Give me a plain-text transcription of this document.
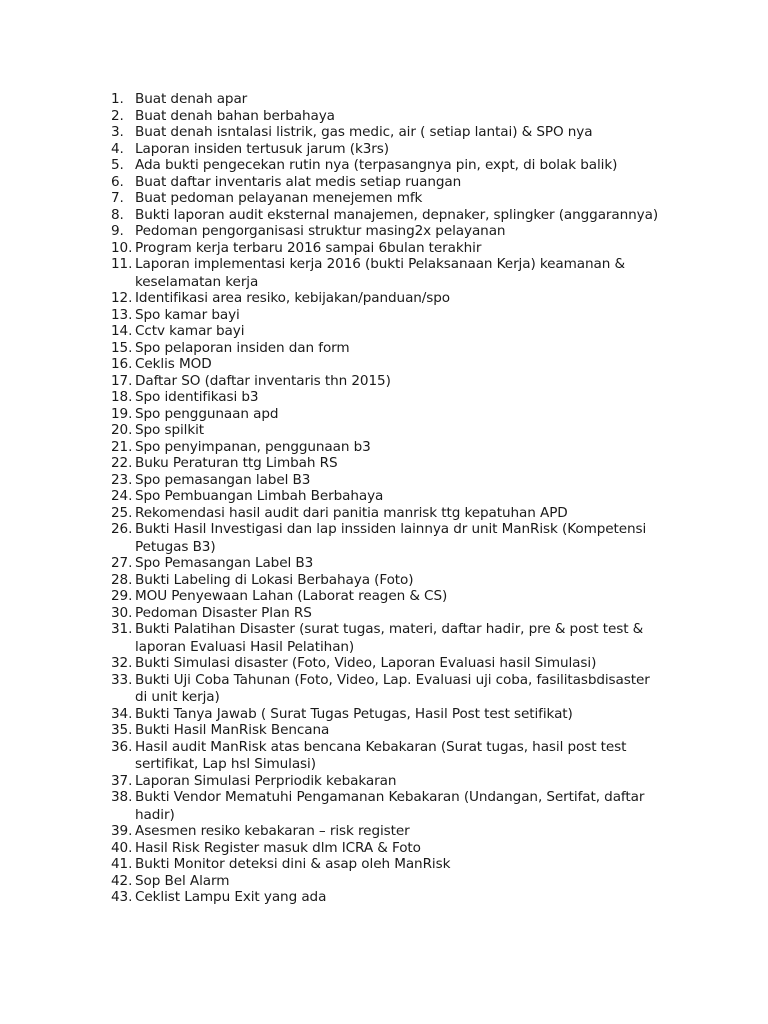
1. Buat denah apar
2. Buat denah bahan berbahaya
3. Buat denah isntalasi listrik, gas medic, air ( setiap lantai) & SPO nya
4. Laporan insiden tertusuk jarum (k3rs)
5. Ada bukti pengecekan rutin nya (terpasangnya pin, expt, di bolak balik)
6. Buat daftar inventaris alat medis setiap ruangan
7. Buat pedoman pelayanan menejemen mfk
8. Bukti laporan audit eksternal manajemen, depnaker, splingker (anggarannya)
9. Pedoman pengorganisasi struktur masing2x pelayanan
10. Program kerja terbaru 2016 sampai 6bulan terakhir
11. Laporan implementasi kerja 2016 (bukti Pelaksanaan Kerja) keamanan &
keselamatan kerja
12. Identifikasi area resiko, kebijakan/panduan/spo
13. Spo kamar bayi
14. Cctv kamar bayi
15. Spo pelaporan insiden dan form
16. Ceklis MOD
17. Daftar SO (daftar inventaris thn 2015)
18. Spo identifikasi b3
19. Spo penggunaan apd
20. Spo spilkit
21. Spo penyimpanan, penggunaan b3
22. Buku Peraturan ttg Limbah RS
23. Spo pemasangan label B3
24. Spo Pembuangan Limbah Berbahaya
25. Rekomendasi hasil audit dari panitia manrisk ttg kepatuhan APD
26. Bukti Hasil Investigasi dan lap inssiden lainnya dr unit ManRisk (Kompetensi
Petugas B3)
27. Spo Pemasangan Label B3
28. Bukti Labeling di Lokasi Berbahaya (Foto)
29. MOU Penyewaan Lahan (Laborat reagen & CS)
30. Pedoman Disaster Plan RS
31. Bukti Palatihan Disaster (surat tugas, materi, daftar hadir, pre & post test &
laporan Evaluasi Hasil Pelatihan)
32. Bukti Simulasi disaster (Foto, Video, Laporan Evaluasi hasil Simulasi)
33. Bukti Uji Coba Tahunan (Foto, Video, Lap. Evaluasi uji coba, fasilitasbdisaster
di unit kerja)
34. Bukti Tanya Jawab ( Surat Tugas Petugas, Hasil Post test setifikat)
35. Bukti Hasil ManRisk Bencana
36. Hasil audit ManRisk atas bencana Kebakaran (Surat tugas, hasil post test
sertifikat, Lap hsl Simulasi)
37. Laporan Simulasi Perpriodik kebakaran
38. Bukti Vendor Mematuhi Pengamanan Kebakaran (Undangan, Sertifat, daftar
hadir)
39. Asesmen resiko kebakaran – risk register
40. Hasil Risk Register masuk dlm ICRA & Foto
41. Bukti Monitor deteksi dini & asap oleh ManRisk
42. Sop Bel Alarm
43. Ceklist Lampu Exit yang ada
